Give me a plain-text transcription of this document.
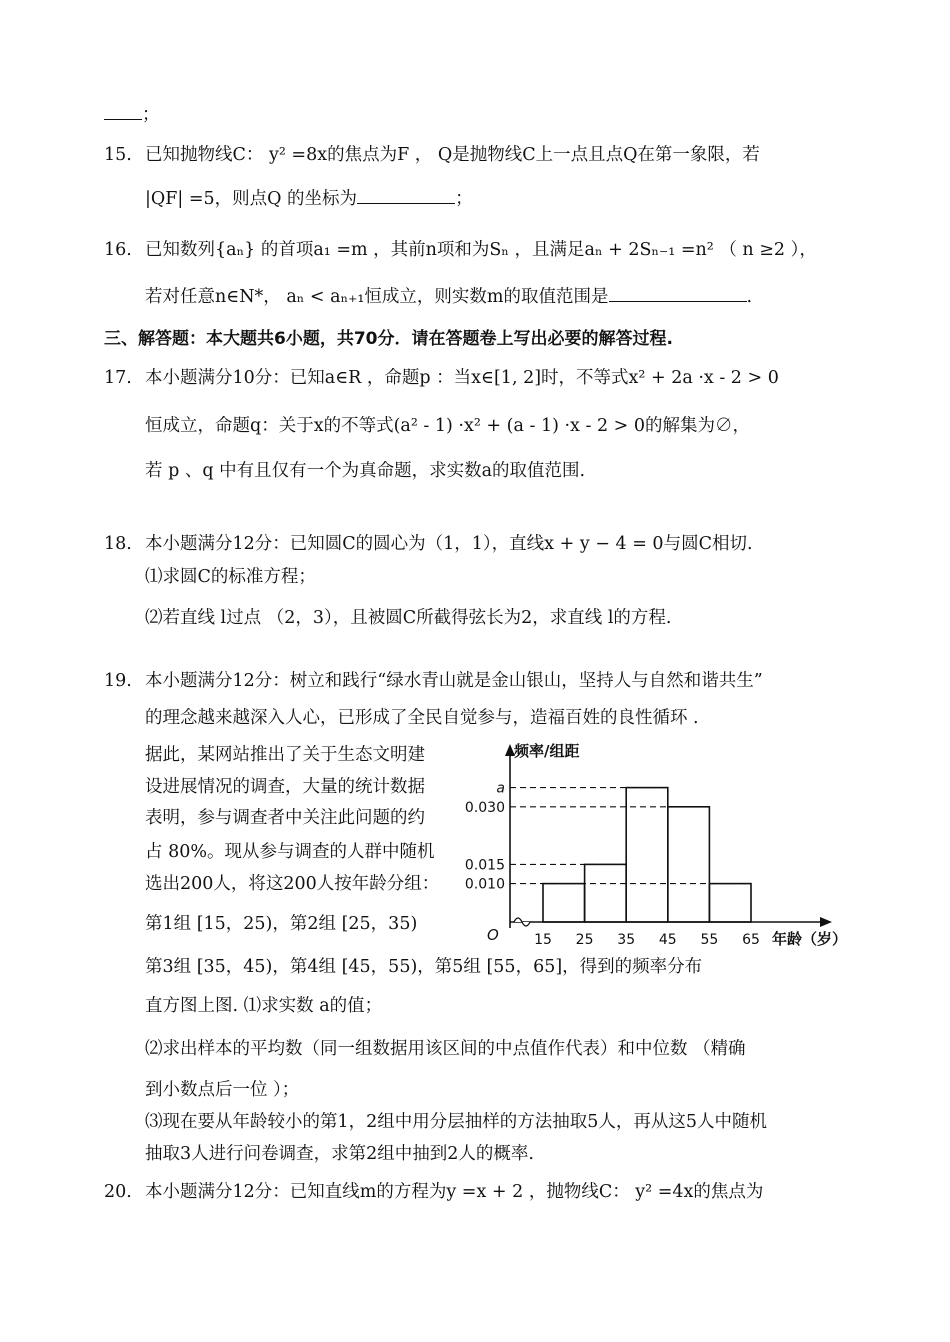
；
15. 已知抛物线C： y² =8x的焦点为F ， Q是抛物线C上一点且点Q在第一象限，若
|QF| =5，则点Q 的坐标为	；
16. 已知数列{aₙ} 的首项a₁ =m ，其前n项和为Sₙ ，且满足aₙ + 2Sₙ₋₁ =n² （ n ≥2 ），
若对任意n∈N*， aₙ < aₙ₊₁恒成立，则实数m的取值范围是	.
三、解答题：本大题共6小题，共70分．请在答题卷上写出必要的解答过程.
17. 本小题满分10分：已知a∈R ，命题p ：当x∈[1, 2]时，不等式x² + 2a ·x - 2 > 0
恒成立，命题q：关于x的不等式(a² - 1) ·x² + (a - 1) ·x - 2 > 0的解集为∅，
若 p 、q 中有且仅有一个为真命题，求实数a的取值范围.
18. 本小题满分12分：已知圆C的圆心为（1，1），直线x + y − 4 = 0与圆C相切.
⑴求圆C的标准方程；
⑵若直线 l过点 （2，3），且被圆C所截得弦长为2，求直线 l的方程.
19. 本小题满分12分：树立和践行“绿水青山就是金山银山，坚持人与自然和谐共生”
的理念越来越深入人心，已形成了全民自觉参与，造福百姓的良性循环 .
据此，某网站推出了关于生态文明建
设进展情况的调查，大量的统计数据
表明，参与调查者中关注此问题的约
占 80%。现从参与调查的人群中随机
选出200人，将这200人按年龄分组：
第1组 [15，25)，第2组 [25，35)
第3组 [35，45)，第4组 [45，55)，第5组 [55，65]，得到的频率分布
直方图上图. ⑴求实数 a的值；
⑵求出样本的平均数（同一组数据用该区间的中点值作代表）和中位数 （精确
到小数点后一位 ）；
⑶现在要从年龄较小的第1，2组中用分层抽样的方法抽取5人，再从这5人中随机
抽取3人进行问卷调查，求第2组中抽到2人的概率.
20. 本小题满分12分：已知直线m的方程为y =x + 2 ，抛物线C： y² =4x的焦点为
频率/组距
年龄（岁）
O
a
0.030
0.015
0.010
15 25 35 45 55 65
